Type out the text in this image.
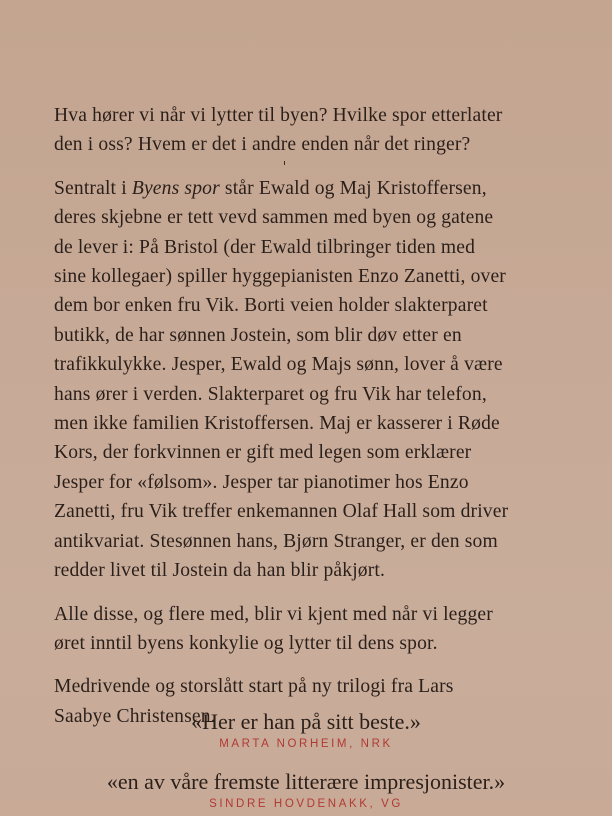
Hva hører vi når vi lytter til byen? Hvilke spor etterlater
den i oss? Hvem er det i andre enden når det ringer?

Sentralt i Byens spor står Ewald og Maj Kristoffersen,
deres skjebne er tett vevd sammen med byen og gatene
de lever i: På Bristol (der Ewald tilbringer tiden med
sine kollegaer) spiller hyggepianisten Enzo Zanetti, over
dem bor enken fru Vik. Borti veien holder slakterparet
butikk, de har sønnen Jostein, som blir døv etter en
trafikkulykke. Jesper, Ewald og Majs sønn, lover å være
hans ører i verden. Slakterparet og fru Vik har telefon,
men ikke familien Kristoffersen. Maj er kasserer i Røde
Kors, der forkvinnen er gift med legen som erklærer
Jesper for «følsom». Jesper tar pianotimer hos Enzo
Zanetti, fru Vik treffer enkemannen Olaf Hall som driver
antikvariat. Stesønnen hans, Bjørn Stranger, er den som
redder livet til Jostein da han blir påkjørt.

Alle disse, og flere med, blir vi kjent med når vi legger
øret inntil byens konkylie og lytter til dens spor.

Medrivende og storslått start på ny trilogi fra Lars
Saabye Christensen.

«Her er han på sitt beste.»
MARTA NORHEIM, NRK
«en av våre fremste litterære impresjonister.»
SINDRE HOVDENAKK, VG
